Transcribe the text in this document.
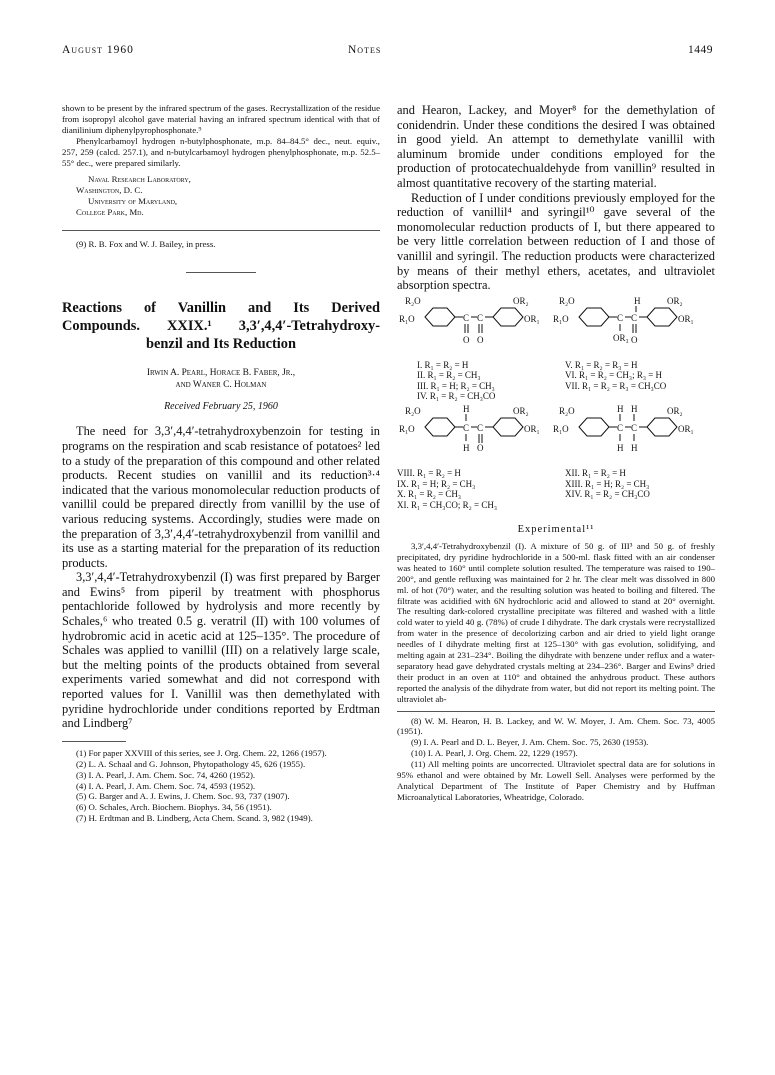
August 1960	Notes	1449

shown to be present by the infrared spectrum of the gases. Recrystallization of the residue from isopropyl alcohol gave material having an infrared spectrum identical with that of dianilinium diphenylpyrophosphonate.⁹

Phenylcarbamoyl hydrogen n-butylphosphonate, m.p. 84–84.5° dec., neut. equiv., 257, 259 (calcd. 257.1), and n-butylcarbamoyl hydrogen phenylphosphonate, m.p. 52.5–55° dec., were prepared similarly.

Naval Research Laboratory,

Washington, D. C.

University of Maryland,

College Park, Md.

(9) R. B. Fox and W. J. Bailey, in press.

Reactions of Vanillin and Its Derived

Compounds. XXIX.¹ 3,3′,4,4′-Tetrahydroxy-

benzil and Its Reduction

Irwin A. Pearl, Horace B. Faber, Jr.,

and Waner C. Holman

Received February 25, 1960

The need for 3,3′,4,4′-tetrahydroxybenzoin for testing in programs on the respiration and scab resistance of potatoes² led to a study of the preparation of this compound and other related products. Recent studies on vanillil and its reduction³·⁴ indicated that the various monomolecular reduction products of vanillil could be prepared directly from vanillil by the use of various reducing systems. Accordingly, studies were made on the preparation of 3,3′,4,4′-tetrahydroxybenzil from vanillil and its use as a starting material for the preparation of its reduction products.

3,3′,4,4′-Tetrahydroxybenzil (I) was first prepared by Barger and Ewins⁵ from piperil by treatment with phosphorus pentachloride followed by hydrolysis and more recently by Schales,⁶ who treated 0.5 g. veratril (II) with 100 volumes of hydrobromic acid in acetic acid at 125–135°. The procedure of Schales was applied to vanillil (III) on a relatively large scale, but the melting points of the products obtained from several experiments varied somewhat and did not correspond with reported values for I. Vanillil was then demethylated with pyridine hydrochloride under conditions reported by Erdtman and Lindberg⁷

(1) For paper XXVIII of this series, see J. Org. Chem. 22, 1266 (1957).

(2) L. A. Schaal and G. Johnson, Phytopathology 45, 626 (1955).

(3) I. A. Pearl, J. Am. Chem. Soc. 74, 4260 (1952).

(4) I. A. Pearl, J. Am. Chem. Soc. 74, 4593 (1952).

(5) G. Barger and A. J. Ewins, J. Chem. Soc. 93, 737 (1907).

(6) O. Schales, Arch. Biochem. Biophys. 34, 56 (1951).

(7) H. Erdtman and B. Lindberg, Acta Chem. Scand. 3, 982 (1949).

and Hearon, Lackey, and Moyer⁸ for the demethylation of conidendrin. Under these conditions the desired I was obtained in good yield. An attempt to demethylate vanillil with aluminum bromide under conditions employed for the production of protocatechualdehyde from vanillin⁹ resulted in almost quantitative recovery of the starting material.

Reduction of I under conditions previously employed for the reduction of vanillil⁴ and syringil¹⁰ gave several of the monomolecular reduction products of I, but there appeared to be very little correlation between reduction of I and those of vanillil and syringil. The reduction products were characterized by means of their methyl ethers, acetates, and ultraviolet absorption spectra.

R₂O
R₁O	C C
OR₂
OR₁
O O
R₂O
R₁O	C C
OR₂
OR₁
H
OR₃ O
I. R₁ = R₂ = H
II. R₁ = R₂ = CH₃
III. R₁ = H; R₂ = CH₃
IV. R₁ = R₂ = CH₃CO
V. R₁ = R₂ = R₃ = H
VI. R₁ = R₂ = CH₃; R₃ = H
VII. R₁ = R₂ = R₃ = CH₃CO
R₂O
R₁O	C C
OR₂
OR₁
H
H O
R₂O
R₁O	C C
OR₂
OR₁
H H
H H
VIII. R₁ = R₂ = H
IX. R₁ = H; R₂ = CH₃
X. R₁ = R₂ = CH₃
XI. R₁ = CH₃CO; R₂ = CH₃
XII. R₁ = R₂ = H
XIII. R₁ = H; R₂ = CH₃
XIV. R₁ = R₂ = CH₃CO

Experimental¹¹

3,3′,4,4′-Tetrahydroxybenzil (I). A mixture of 50 g. of III³ and 50 g. of freshly precipitated, dry pyridine hydrochloride in a 500-ml. flask fitted with an air condenser was heated to 160° until complete solution resulted. The temperature was raised to 190–200°, and gentle refluxing was maintained for 2 hr. The clear melt was dissolved in 800 ml. of hot (70°) water, and the resulting solution was heated to boiling and filtered. The filtrate was acidified with 6N hydrochloric acid and allowed to stand at 20° overnight. The resulting dark-colored crystalline precipitate was filtered and washed with a little cold water to yield 40 g. (78%) of crude I dihydrate. The dark crystals were recrystallized from water in the presence of decolorizing carbon and air dried to yield light orange needles of I dihydrate melting first at 125–130° with gas evolution, solidifying, and melting again at 231–234°. Boiling the dihydrate with benzene under reflux and a water-separatory head gave dehydrated crystals melting at 234–236°. Barger and Ewins⁵ dried their product in an oven at 110° and obtained the anhydrous product. These authors reported the analysis of the dihydrate from water, but did not report its melting point. The ultraviolet ab-

(8) W. M. Hearon, H. B. Lackey, and W. W. Moyer, J. Am. Chem. Soc. 73, 4005 (1951).

(9) I. A. Pearl and D. L. Beyer, J. Am. Chem. Soc. 75, 2630 (1953).

(10) I. A. Pearl, J. Org. Chem. 22, 1229 (1957).

(11) All melting points are uncorrected. Ultraviolet spectral data are for solutions in 95% ethanol and were obtained by Mr. Lowell Sell. Analyses were performed by the Analytical Department of The Institute of Paper Chemistry and by Huffman Microanalytical Laboratories, Wheatridge, Colorado.
